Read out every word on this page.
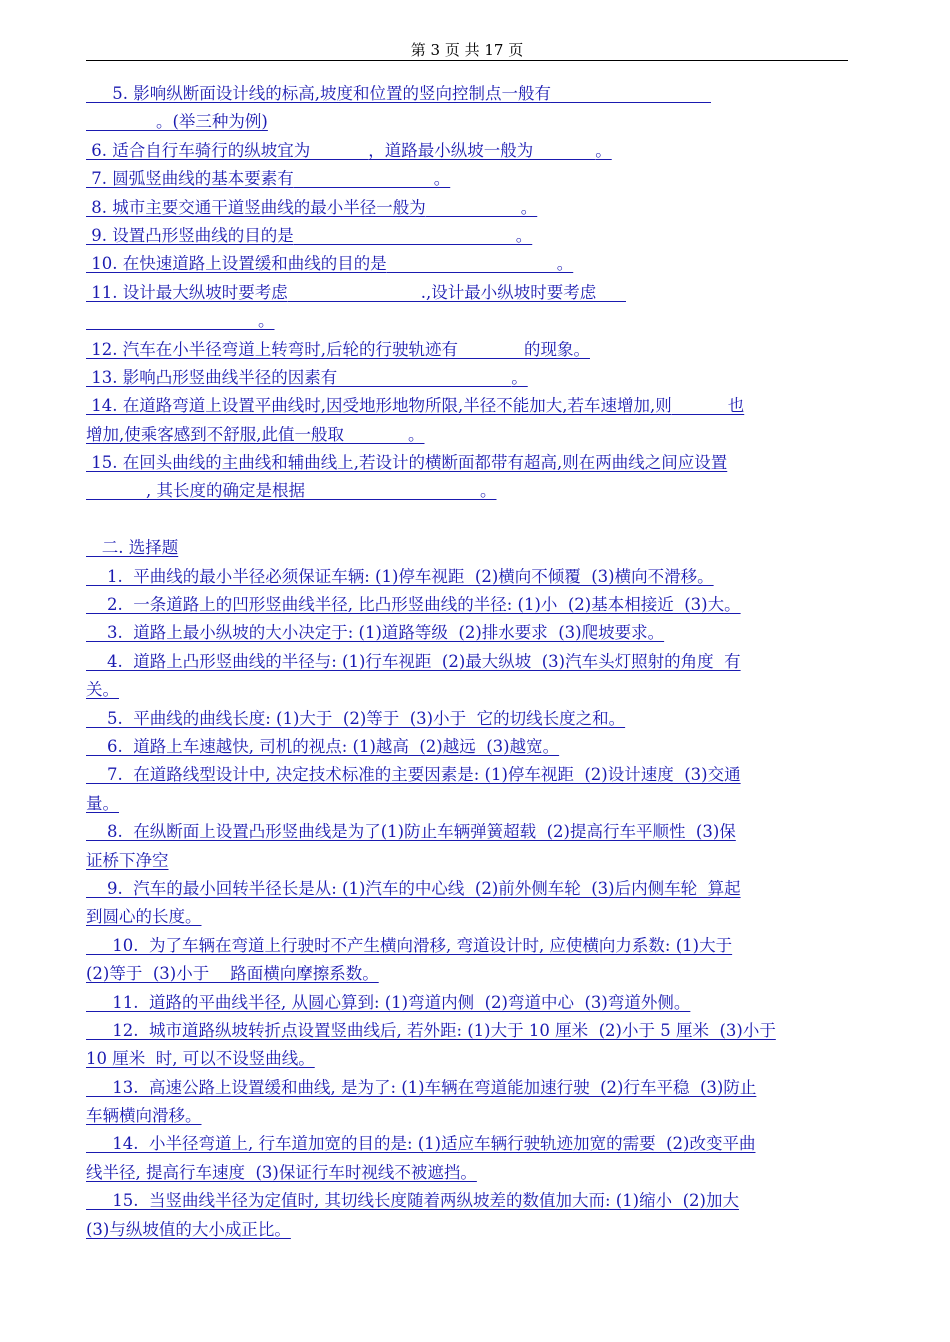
第 3 页 共 17 页
5. 影响纵断面设计线的标高,坡度和位置的竖向控制点一般有
。(举三种为例)
6. 适合自行车骑行的纵坡宜为	，道路最小纵坡一般为	。
7. 圆弧竖曲线的基本要素有	。
8. 城市主要交通干道竖曲线的最小半径一般为	。
9. 设置凸形竖曲线的目的是	。
10. 在快速道路上设置缓和曲线的目的是	。
11. 设计最大纵坡时要考虑	.,设计最小纵坡时要考虑
。
12. 汽车在小半径弯道上转弯时,后轮的行驶轨迹有	的现象。
13. 影响凸形竖曲线半径的因素有	。
14. 在道路弯道上设置平曲线时,因受地形地物所限,半径不能加大,若车速增加,则	也
增加,使乘客感到不舒服,此值一般取	。
15. 在回头曲线的主曲线和辅曲线上,若设计的横断面都带有超高,则在两曲线之间应设置
, 其长度的确定是根据	。
二. 选择题
1.  平曲线的最小半径必须保证车辆: (1)停车视距  (2)横向不倾覆  (3)横向不滑移。
2.  一条道路上的凹形竖曲线半径, 比凸形竖曲线的半径: (1)小  (2)基本相接近  (3)大。
3.  道路上最小纵坡的大小决定于: (1)道路等级  (2)排水要求  (3)爬坡要求。
4.  道路上凸形竖曲线的半径与: (1)行车视距  (2)最大纵坡  (3)汽车头灯照射的角度  有
关。
5.  平曲线的曲线长度: (1)大于  (2)等于  (3)小于  它的切线长度之和。
6.  道路上车速越快, 司机的视点: (1)越高  (2)越远  (3)越宽。
7.  在道路线型设计中, 决定技术标准的主要因素是: (1)停车视距  (2)设计速度  (3)交通
量。
8.  在纵断面上设置凸形竖曲线是为了(1)防止车辆弹簧超载  (2)提高行车平顺性  (3)保
证桥下净空
9.  汽车的最小回转半径长是从: (1)汽车的中心线  (2)前外侧车轮  (3)后内侧车轮  算起
到圆心的长度。
10.  为了车辆在弯道上行驶时不产生横向滑移, 弯道设计时, 应使横向力系数: (1)大于
(2)等于  (3)小于    路面横向摩擦系数。
11.  道路的平曲线半径, 从圆心算到: (1)弯道内侧  (2)弯道中心  (3)弯道外侧。
12.  城市道路纵坡转折点设置竖曲线后, 若外距: (1)大于 10 厘米  (2)小于 5 厘米  (3)小于
10 厘米  时, 可以不设竖曲线。
13.  高速公路上设置缓和曲线, 是为了: (1)车辆在弯道能加速行驶  (2)行车平稳  (3)防止
车辆横向滑移。
14.  小半径弯道上, 行车道加宽的目的是: (1)适应车辆行驶轨迹加宽的需要  (2)改变平曲
线半径, 提高行车速度  (3)保证行车时视线不被遮挡。
15.  当竖曲线半径为定值时, 其切线长度随着两纵坡差的数值加大而: (1)缩小  (2)加大
(3)与纵坡值的大小成正比。
